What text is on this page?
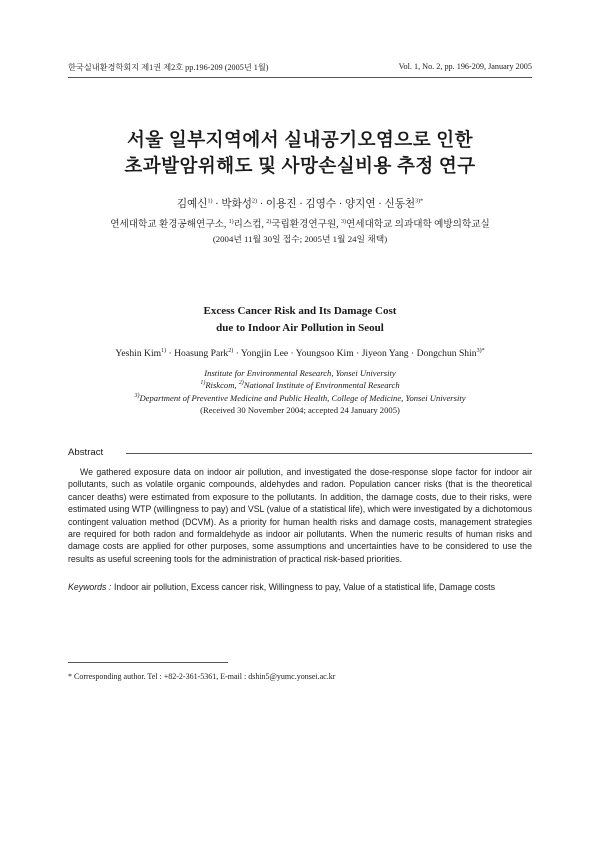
한국실내환경학회지 제1권 제2호 pp.196-209 (2005년 1월)	Vol. 1, No. 2, pp. 196-209, January 2005
서울 일부지역에서 실내공기오염으로 인한
초과발암위해도 및 사망손실비용 추정 연구
김예신$^{1)}$ · 박화성$^{2)}$ · 이용진 · 김영수 · 양지연 · 신동천$^{3)*}$
연세대학교 환경공해연구소, $^{1)}$리스컴, $^{2)}$국립환경연구원, $^{3)}$연세대학교 의과대학 예방의학교실
(2004년 11월 30일 접수; 2005년 1월 24일 채택)
Excess Cancer Risk and Its Damage Cost
due to Indoor Air Pollution in Seoul
Yeshin Kim$^{1)}$ · Hoasung Park$^{2)}$ · Yongjin Lee · Youngsoo Kim · Jiyeon Yang · Dongchun Shin$^{3)*}$
Institute for Environmental Research, Yonsei University
$^{1)}$Riskcom, $^{2)}$National Institute of Environmental Research
$^{3)}$Department of Preventive Medicine and Public Health, College of Medicine, Yonsei University
(Received 30 November 2004; accepted 24 January 2005)
Abstract
We gathered exposure data on indoor air pollution, and investigated the dose-response slope factor for indoor air pollutants, such as volatile organic compounds, aldehydes and radon. Population cancer risks (that is the theoretical cancer deaths) were estimated from exposure to the pollutants. In addition, the damage costs, due to their risks, were estimated using WTP (willingness to pay) and VSL (value of a statistical life), which were investigated by a dichotomous contingent valuation method (DCVM). As a priority for human health risks and damage costs, management strategies are required for both radon and formaldehyde as indoor air pollutants. When the numeric results of human risks and damage costs are applied for other purposes, some assumptions and uncertainties have to be considered to use the results as useful screening tools for the administration of practical risk-based priorities.
Keywords : Indoor air pollution, Excess cancer risk, Willingness to pay, Value of a statistical life, Damage costs
* Corresponding author. Tel : +82-2-361-5361, E-mail : dshin5@yumc.yonsei.ac.kr
